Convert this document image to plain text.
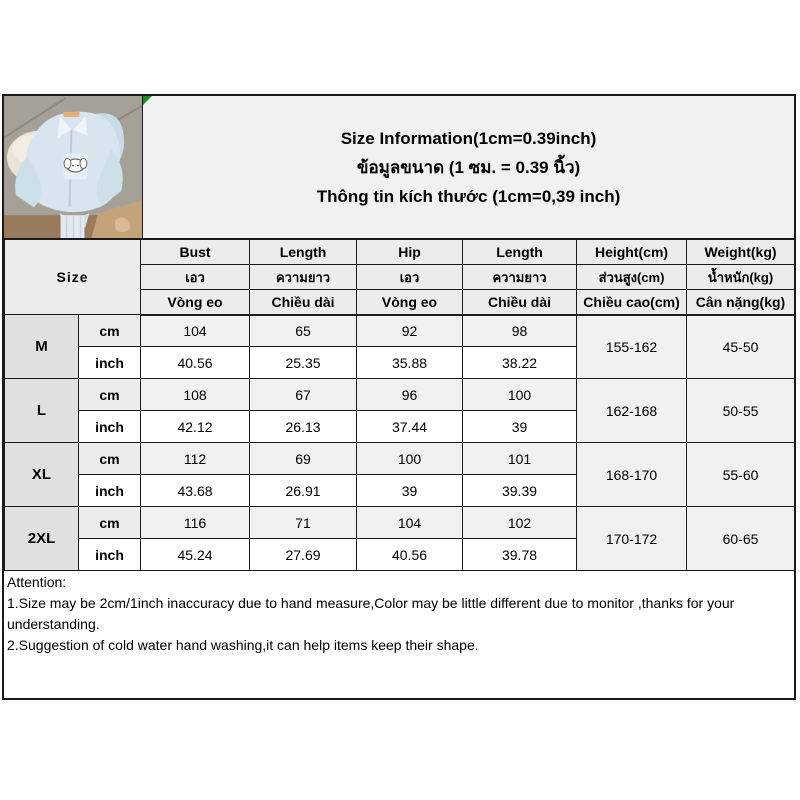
Size Information(1cm=0.39inch)
ข้อมูลขนาด (1 ซม. = 0.39 นิ้ว)
Thông tin kích thước (1cm=0,39 inch)
Size		Bust	Length	Hip	Length	Height(cm)	Weight(kg)
		เอว	ความยาว	เอว	ความยาว	ส่วนสูง(cm)	น้ำหนัก(kg)
		Vòng eo	Chiều dài	Vòng eo	Chiều dài	Chiều cao(cm)	Cân nặng(kg)
M	cm	104	65	92	98	155-162	45-50
	inch	40.56	25.35	35.88	38.22		
L	cm	108	67	96	100	162-168	50-55
	inch	42.12	26.13	37.44	39		
XL	cm	112	69	100	101	168-170	55-60
	inch	43.68	26.91	39	39.39		
2XL	cm	116	71	104	102	170-172	60-65
	inch	45.24	27.69	40.56	39.78		
Attention:
1.Size may be 2cm/1inch inaccuracy due to hand measure,Color may be little different due to monitor ,thanks for your understanding.
2.Suggestion of cold water hand washing,it can help items keep their shape.
